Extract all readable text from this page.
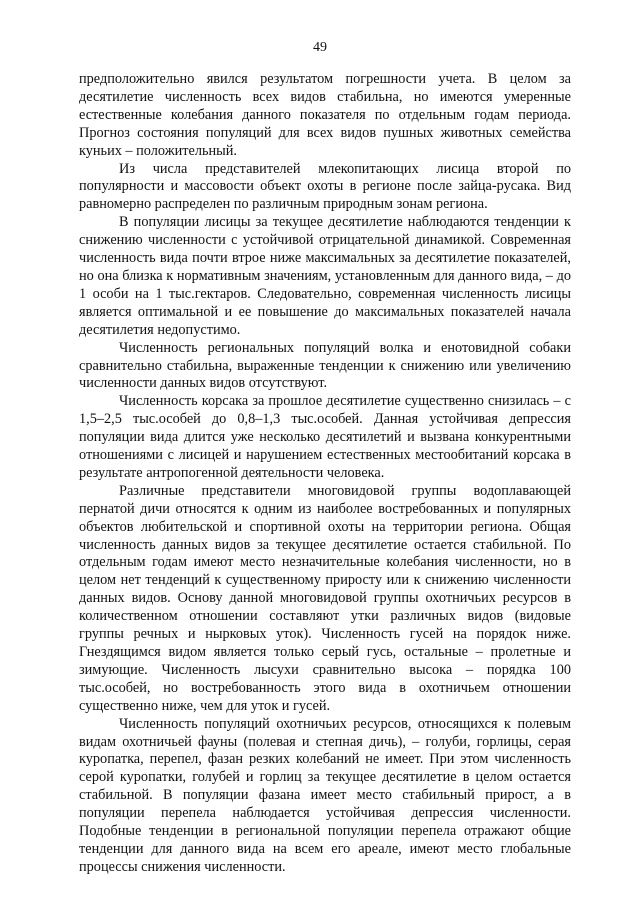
49

предположительно явился результатом погрешности учета. В целом за десятилетие численность всех видов стабильна, но имеются умеренные естественные колебания данного показателя по отдельным годам периода. Прогноз состояния популяций для всех видов пушных животных семейства куньих – положительный.

Из числа представителей млекопитающих лисица второй по популярности и массовости объект охоты в регионе после зайца-русака. Вид равномерно распределен по различным природным зонам региона.

В популяции лисицы за текущее десятилетие наблюдаются тенденции к снижению численности с устойчивой отрицательной динамикой. Современная численность вида почти втрое ниже максимальных за десятилетие показателей, но она близка к нормативным значениям, установленным для данного вида, – до 1 особи на 1 тыс.гектаров. Следовательно, современная численность лисицы является оптимальной и ее повышение до максимальных показателей начала десятилетия недопустимо.

Численность региональных популяций волка и енотовидной собаки сравнительно стабильна, выраженные тенденции к снижению или увеличению численности данных видов отсутствуют.

Численность корсака за прошлое десятилетие существенно снизилась – с 1,5–2,5 тыс.особей до 0,8–1,3 тыс.особей. Данная устойчивая депрессия популяции вида длится уже несколько десятилетий и вызвана конкурентными отношениями с лисицей и нарушением естественных местообитаний корсака в результате антропогенной деятельности человека.

Различные представители многовидовой группы водоплавающей пернатой дичи относятся к одним из наиболее востребованных и популярных объектов любительской и спортивной охоты на территории региона. Общая численность данных видов за текущее десятилетие остается стабильной. По отдельным годам имеют место незначительные колебания численности, но в целом нет тенденций к существенному приросту или к снижению численности данных видов. Основу данной многовидовой группы охотничьих ресурсов в количественном отношении составляют утки различных видов (видовые группы речных и нырковых уток). Численность гусей на порядок ниже. Гнездящимся видом является только серый гусь, остальные – пролетные и зимующие. Численность лысухи сравнительно высока – порядка 100 тыс.особей, но востребованность этого вида в охотничьем отношении существенно ниже, чем для уток и гусей.

Численность популяций охотничьих ресурсов, относящихся к полевым видам охотничьей фауны (полевая и степная дичь), – голуби, горлицы, серая куропатка, перепел, фазан резких колебаний не имеет. При этом численность серой куропатки, голубей и горлиц за текущее десятилетие в целом остается стабильной. В популяции фазана имеет место стабильный прирост, а в популяции перепела наблюдается устойчивая депрессия численности. Подобные тенденции в региональной популяции перепела отражают общие тенденции для данного вида на всем его ареале, имеют место глобальные процессы снижения численности.
